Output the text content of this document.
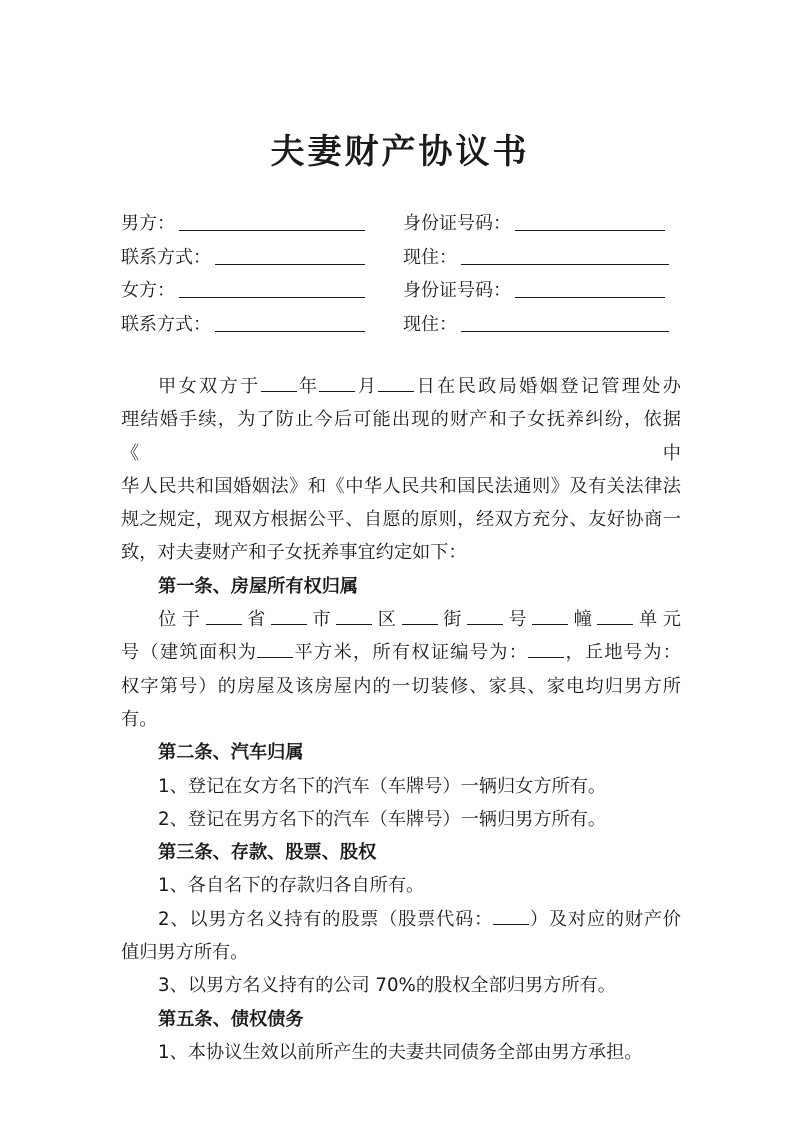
夫妻财产协议书
男方：	身份证号码：
联系方式：	现住：
女方：	身份证号码：
联系方式：	现住：

甲女双方于 年 月 日在民政局婚姻登记管理处办
理结婚手续，为了防止今后可能出现的财产和子女抚养纠纷，依据《中
华人民共和国婚姻法》和《中华人民共和国民法通则》及有关法律法
规之规定，现双方根据公平、自愿的原则，经双方充分、友好协商一
致，对夫妻财产和子女抚养事宜约定如下：

第一条、房屋所有权归属

位于 省 市 区 街 号 幢 单元
号（建筑面积为 平方米，所有权证编号为： ，丘地号为：
权字第号）的房屋及该房屋内的一切装修、家具、家电均归男方所有。

第二条、汽车归属

1、登记在女方名下的汽车（车牌号）一辆归女方所有。

2、登记在男方名下的汽车（车牌号）一辆归男方所有。

第三条、存款、股票、股权

1、各自名下的存款归各自所有。

2、以男方名义持有的股票（股票代码： ）及对应的财产价
值归男方所有。

3、以男方名义持有的公司 70%的股权全部归男方所有。

第五条、债权债务

1、本协议生效以前所产生的夫妻共同债务全部由男方承担。
